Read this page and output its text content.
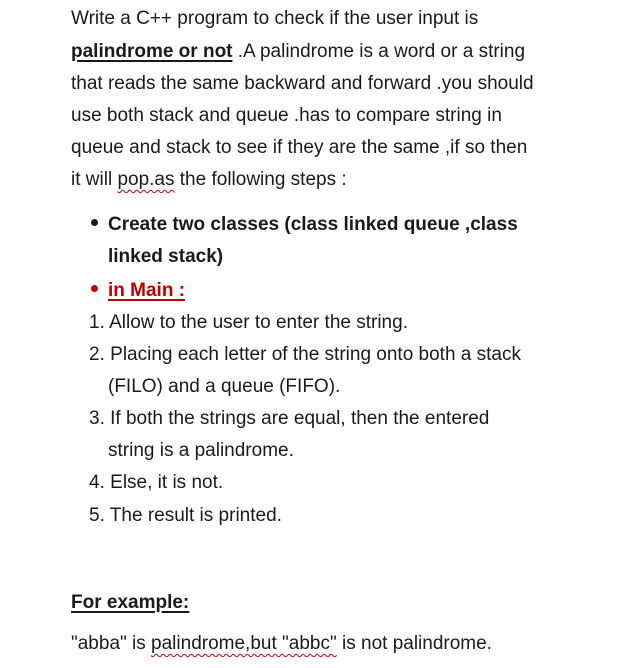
Write a C++ program to check if the user input is
palindrome or not .A palindrome is a word or a string
that reads the same backward and forward .you should
use both stack and queue .has to compare string in
queue and stack to see if they are the same ,if so then
it will pop.as the following steps :
Create two classes (class linked queue ,class
linked stack)
in Main :
1. Allow to the user to enter the string.
2. Placing each letter of the string onto both a stack
(FILO) and a queue (FIFO).
3. If both the strings are equal, then the entered
string is a palindrome.
4. Else, it is not.
5. The result is printed.
For example:
"abba" is palindrome,but "abbc" is not palindrome.
